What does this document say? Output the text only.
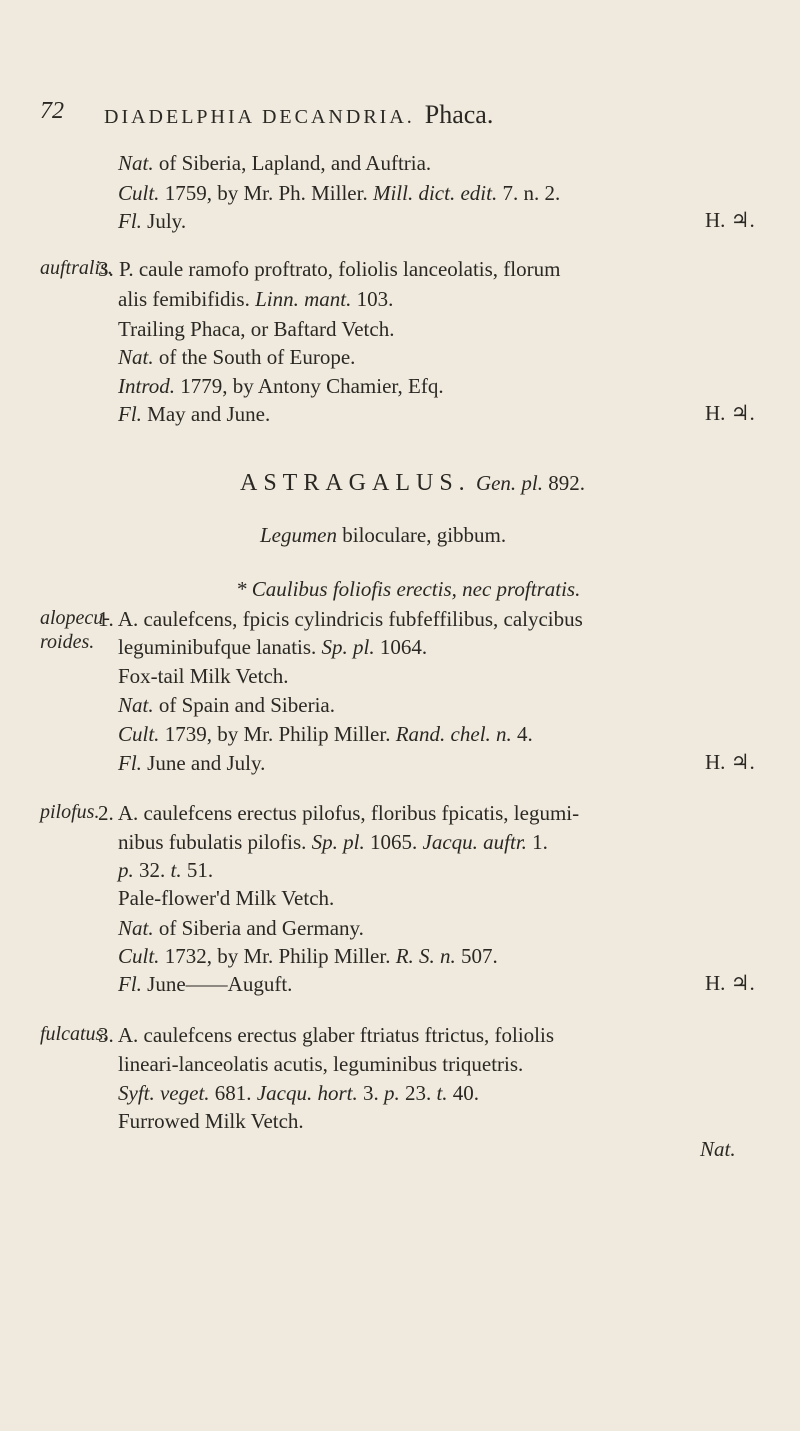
72 DIADELPHIA DECANDRIA. Phaca.
Nat. of Siberia, Lapland, and Auftria.
Cult. 1759, by Mr. Ph. Miller. Mill. dict. edit. 7. n. 2.
Fl. July.	H. ♃.
auftralis.
3. P. caule ramofo proftrato, foliolis lanceolatis, florum
alis femibifidis. Linn. mant. 103.
Trailing Phaca, or Baftard Vetch.
Nat. of the South of Europe.
Introd. 1779, by Antony Chamier, Efq.
Fl. May and June.	H. ♃.
ASTRAGALUS. Gen. pl. 892.
Legumen biloculare, gibbum.
* Caulibus foliofis erectis, nec proftratis.
alopecu-
roides.
1. A. caulefcens, fpicis cylindricis fubfeffilibus, calycibus
leguminibufque lanatis. Sp. pl. 1064.
Fox-tail Milk Vetch.
Nat. of Spain and Siberia.
Cult. 1739, by Mr. Philip Miller. Rand. chel. n. 4.
Fl. June and July.	H. ♃.
pilofus.
2. A. caulefcens erectus pilofus, floribus fpicatis, legumi-
nibus fubulatis pilofis. Sp. pl. 1065. Jacqu. auftr. 1.
p. 32. t. 51.
Pale-flower'd Milk Vetch.
Nat. of Siberia and Germany.
Cult. 1732, by Mr. Philip Miller. R. S. n. 507.
Fl. June——Auguft.	H. ♃.
fulcatus.
3. A. caulefcens erectus glaber ftriatus ftrictus, foliolis
lineari-lanceolatis acutis, leguminibus triquetris.
Syft. veget. 681. Jacqu. hort. 3. p. 23. t. 40.
Furrowed Milk Vetch.
Nat.
